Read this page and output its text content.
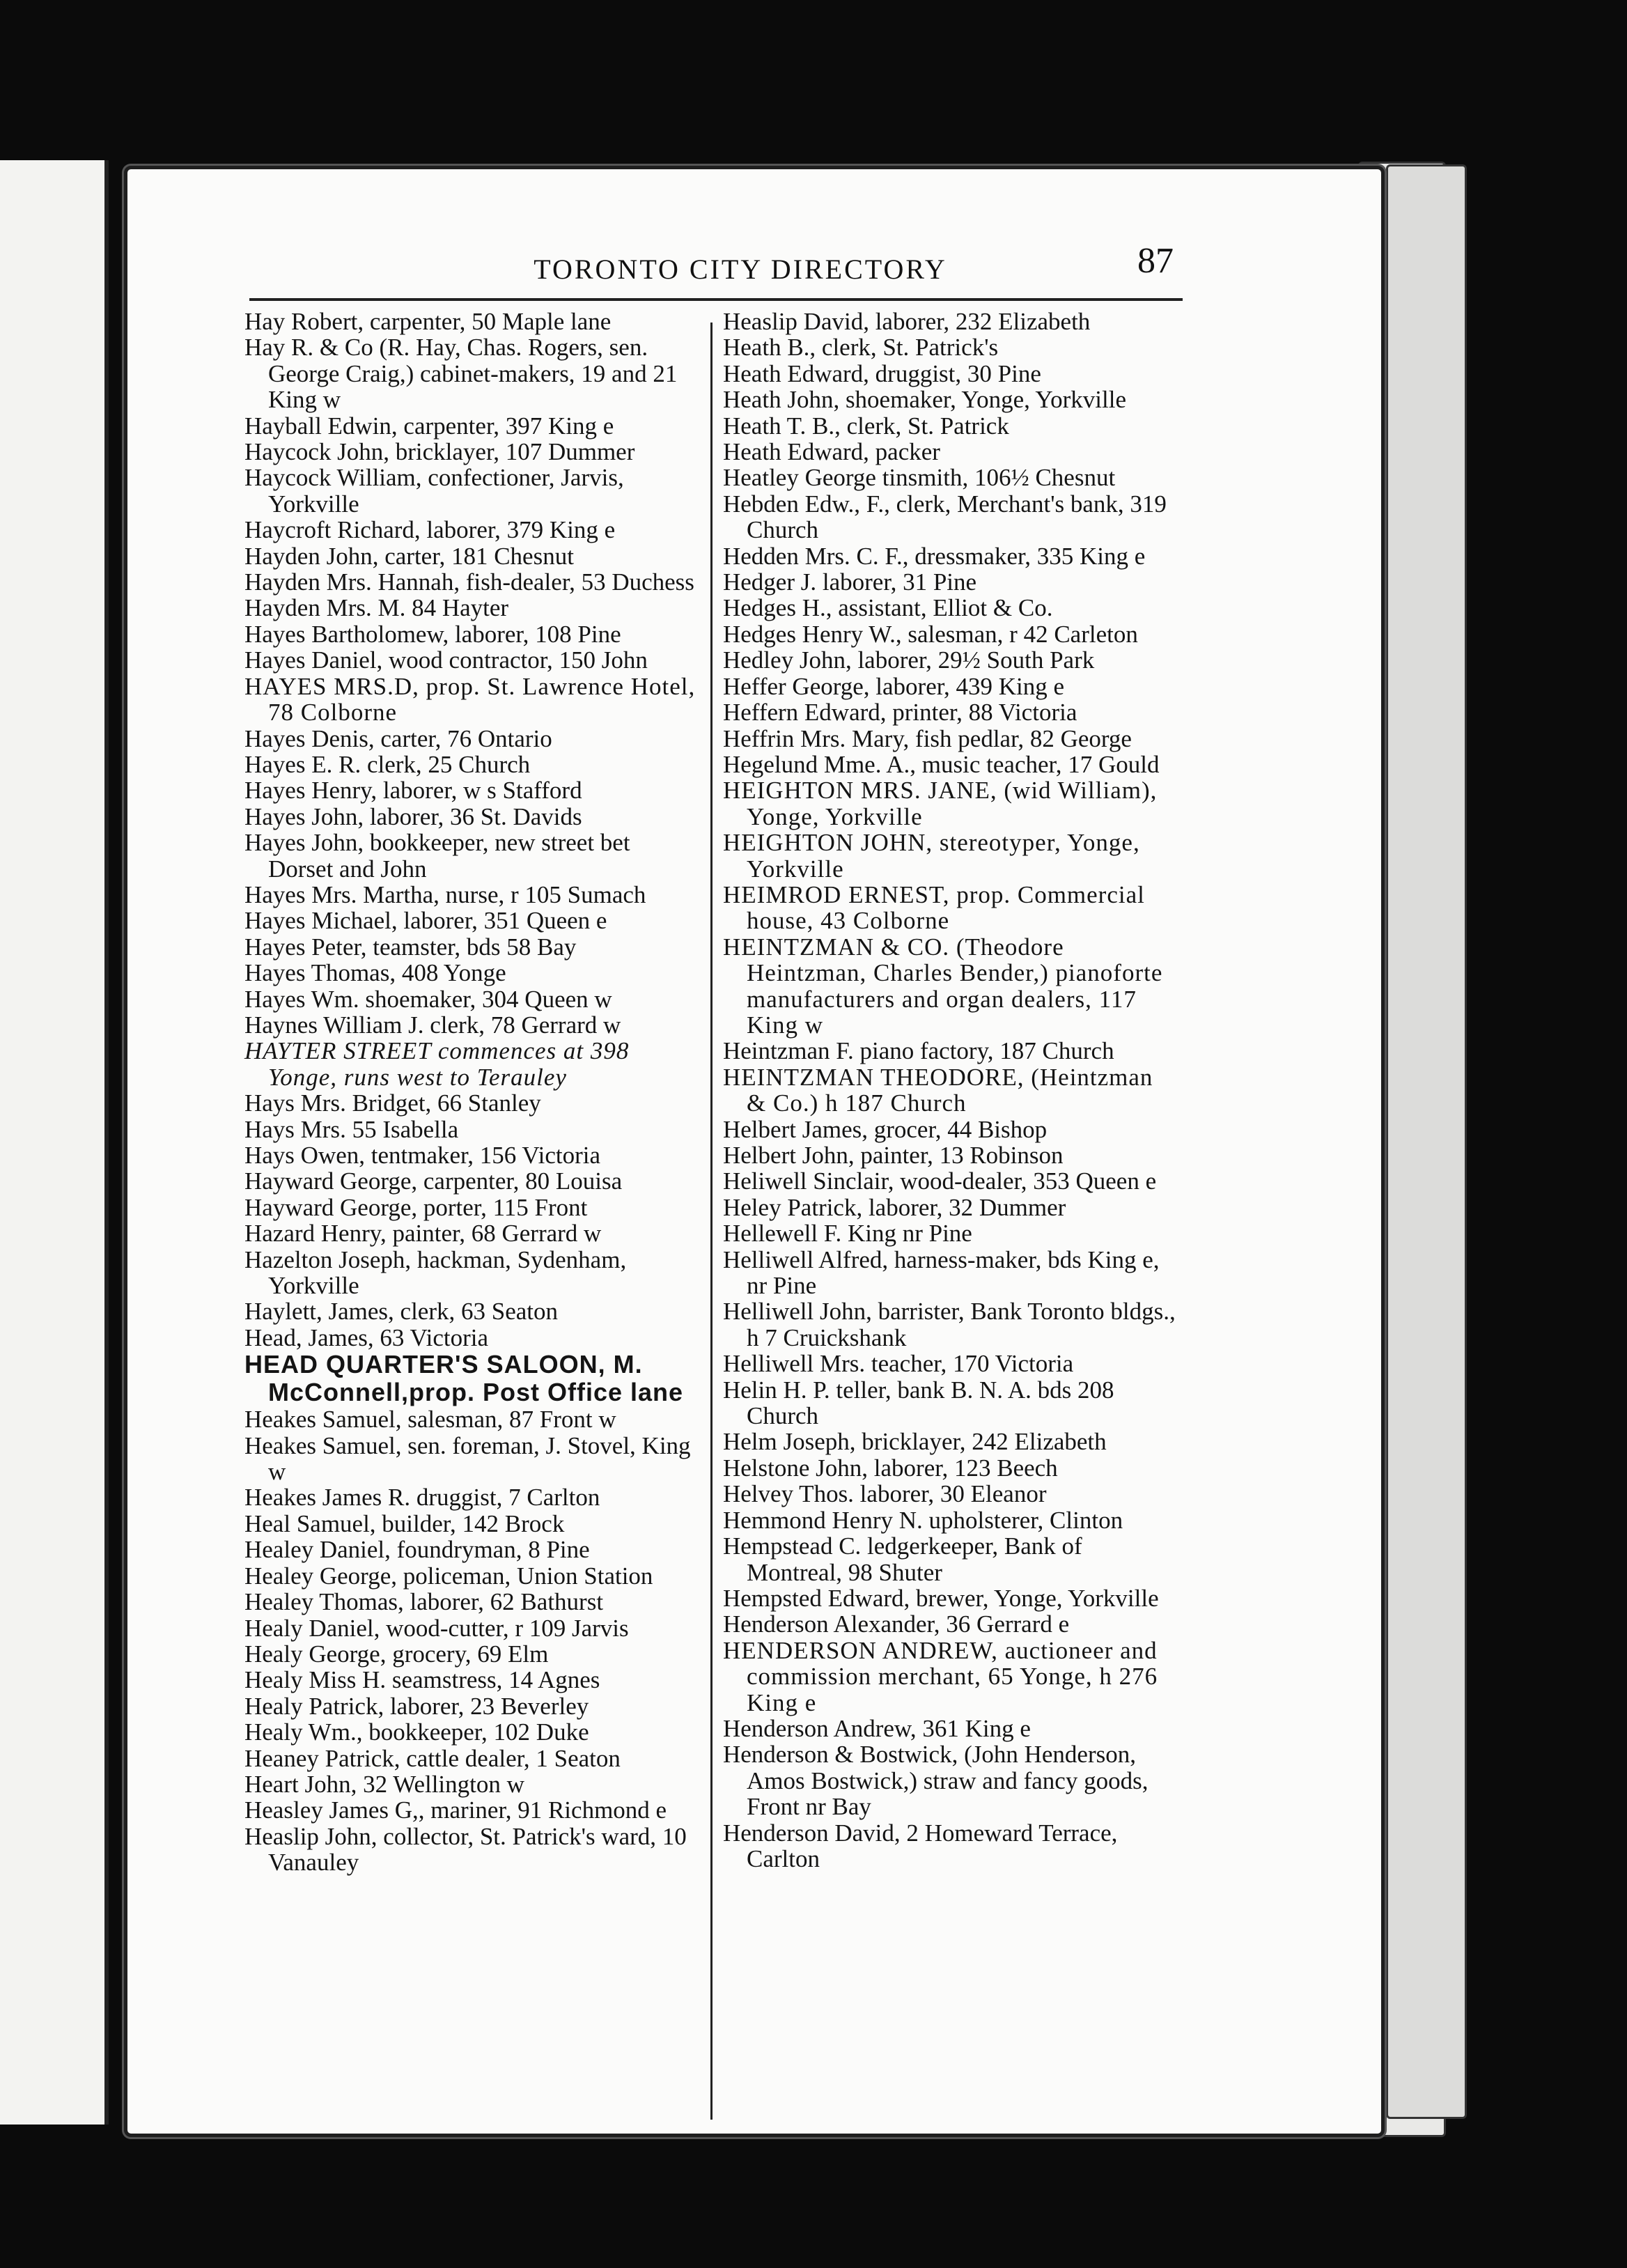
TORONTO CITY DIRECTORY	87

Hay Robert, carpenter, 50 Maple lane

Hay R. & Co (R. Hay, Chas. Rogers, sen. George Craig,) cabinet-makers, 19 and 21 King w

Hayball Edwin, carpenter, 397 King e

Haycock John, bricklayer, 107 Dummer

Haycock William, confectioner, Jarvis, Yorkville

Haycroft Richard, laborer, 379 King e

Hayden John, carter, 181 Chesnut

Hayden Mrs. Hannah, fish-dealer, 53 Duchess

Hayden Mrs. M. 84 Hayter

Hayes Bartholomew, laborer, 108 Pine

Hayes Daniel, wood contractor, 150 John

HAYES MRS.D, prop. St. Lawrence Hotel, 78 Colborne

Hayes Denis, carter, 76 Ontario

Hayes E. R. clerk, 25 Church

Hayes Henry, laborer, w s Stafford

Hayes John, laborer, 36 St. Davids

Hayes John, bookkeeper, new street bet Dorset and John

Hayes Mrs. Martha, nurse, r 105 Sumach

Hayes Michael, laborer, 351 Queen e

Hayes Peter, teamster, bds 58 Bay

Hayes Thomas, 408 Yonge

Hayes Wm. shoemaker, 304 Queen w

Haynes William J. clerk, 78 Gerrard w

HAYTER STREET commences at 398 Yonge, runs west to Terauley

Hays Mrs. Bridget, 66 Stanley

Hays Mrs. 55 Isabella

Hays Owen, tentmaker, 156 Victoria

Hayward George, carpenter, 80 Louisa

Hayward George, porter, 115 Front

Hazard Henry, painter, 68 Gerrard w

Hazelton Joseph, hackman, Sydenham, Yorkville

Haylett, James, clerk, 63 Seaton

Head, James, 63 Victoria

HEAD QUARTER'S SALOON, M. McConnell,prop. Post Office lane

Heakes Samuel, salesman, 87 Front w

Heakes Samuel, sen. foreman, J. Stovel, King w

Heakes James R. druggist, 7 Carlton

Heal Samuel, builder, 142 Brock

Healey Daniel, foundryman, 8 Pine

Healey George, policeman, Union Station

Healey Thomas, laborer, 62 Bathurst

Healy Daniel, wood-cutter, r 109 Jarvis

Healy George, grocery, 69 Elm

Healy Miss H. seamstress, 14 Agnes

Healy Patrick, laborer, 23 Beverley

Healy Wm., bookkeeper, 102 Duke

Heaney Patrick, cattle dealer, 1 Seaton

Heart John, 32 Wellington w

Heasley James G,, mariner, 91 Richmond e

Heaslip John, collector, St. Patrick's ward, 10 Vanauley

Heaslip David, laborer, 232 Elizabeth

Heath B., clerk, St. Patrick's

Heath Edward, druggist, 30 Pine

Heath John, shoemaker, Yonge, Yorkville

Heath T. B., clerk, St. Patrick

Heath Edward, packer

Heatley George tinsmith, 106½ Chesnut

Hebden Edw., F., clerk, Merchant's bank, 319 Church

Hedden Mrs. C. F., dressmaker, 335 King e

Hedger J. laborer, 31 Pine

Hedges H., assistant, Elliot & Co.

Hedges Henry W., salesman, r 42 Carleton

Hedley John, laborer, 29½ South Park

Heffer George, laborer, 439 King e

Heffern Edward, printer, 88 Victoria

Heffrin Mrs. Mary, fish pedlar, 82 George

Hegelund Mme. A., music teacher, 17 Gould

HEIGHTON MRS. JANE, (wid William), Yonge, Yorkville

HEIGHTON JOHN, stereotyper, Yonge, Yorkville

HEIMROD ERNEST, prop. Commercial house, 43 Colborne

HEINTZMAN & CO. (Theodore Heintzman, Charles Bender,) pianoforte manufacturers and organ dealers, 117 King w

Heintzman F. piano factory, 187 Church

HEINTZMAN THEODORE, (Heintzman & Co.) h 187 Church

Helbert James, grocer, 44 Bishop

Helbert John, painter, 13 Robinson

Heliwell Sinclair, wood-dealer, 353 Queen e

Heley Patrick, laborer, 32 Dummer

Hellewell F. King nr Pine

Helliwell Alfred, harness-maker, bds King e, nr Pine

Helliwell John, barrister, Bank Toronto bldgs., h 7 Cruickshank

Helliwell Mrs. teacher, 170 Victoria

Helin H. P. teller, bank B. N. A. bds 208 Church

Helm Joseph, bricklayer, 242 Elizabeth

Helstone John, laborer, 123 Beech

Helvey Thos. laborer, 30 Eleanor

Hemmond Henry N. upholsterer, Clinton

Hempstead C. ledgerkeeper, Bank of Montreal, 98 Shuter

Hempsted Edward, brewer, Yonge, Yorkville

Henderson Alexander, 36 Gerrard e

HENDERSON ANDREW, auctioneer and commission merchant, 65 Yonge, h 276 King e

Henderson Andrew, 361 King e

Henderson & Bostwick, (John Henderson, Amos Bostwick,) straw and fancy goods, Front nr Bay

Henderson David, 2 Homeward Terrace, Carlton
